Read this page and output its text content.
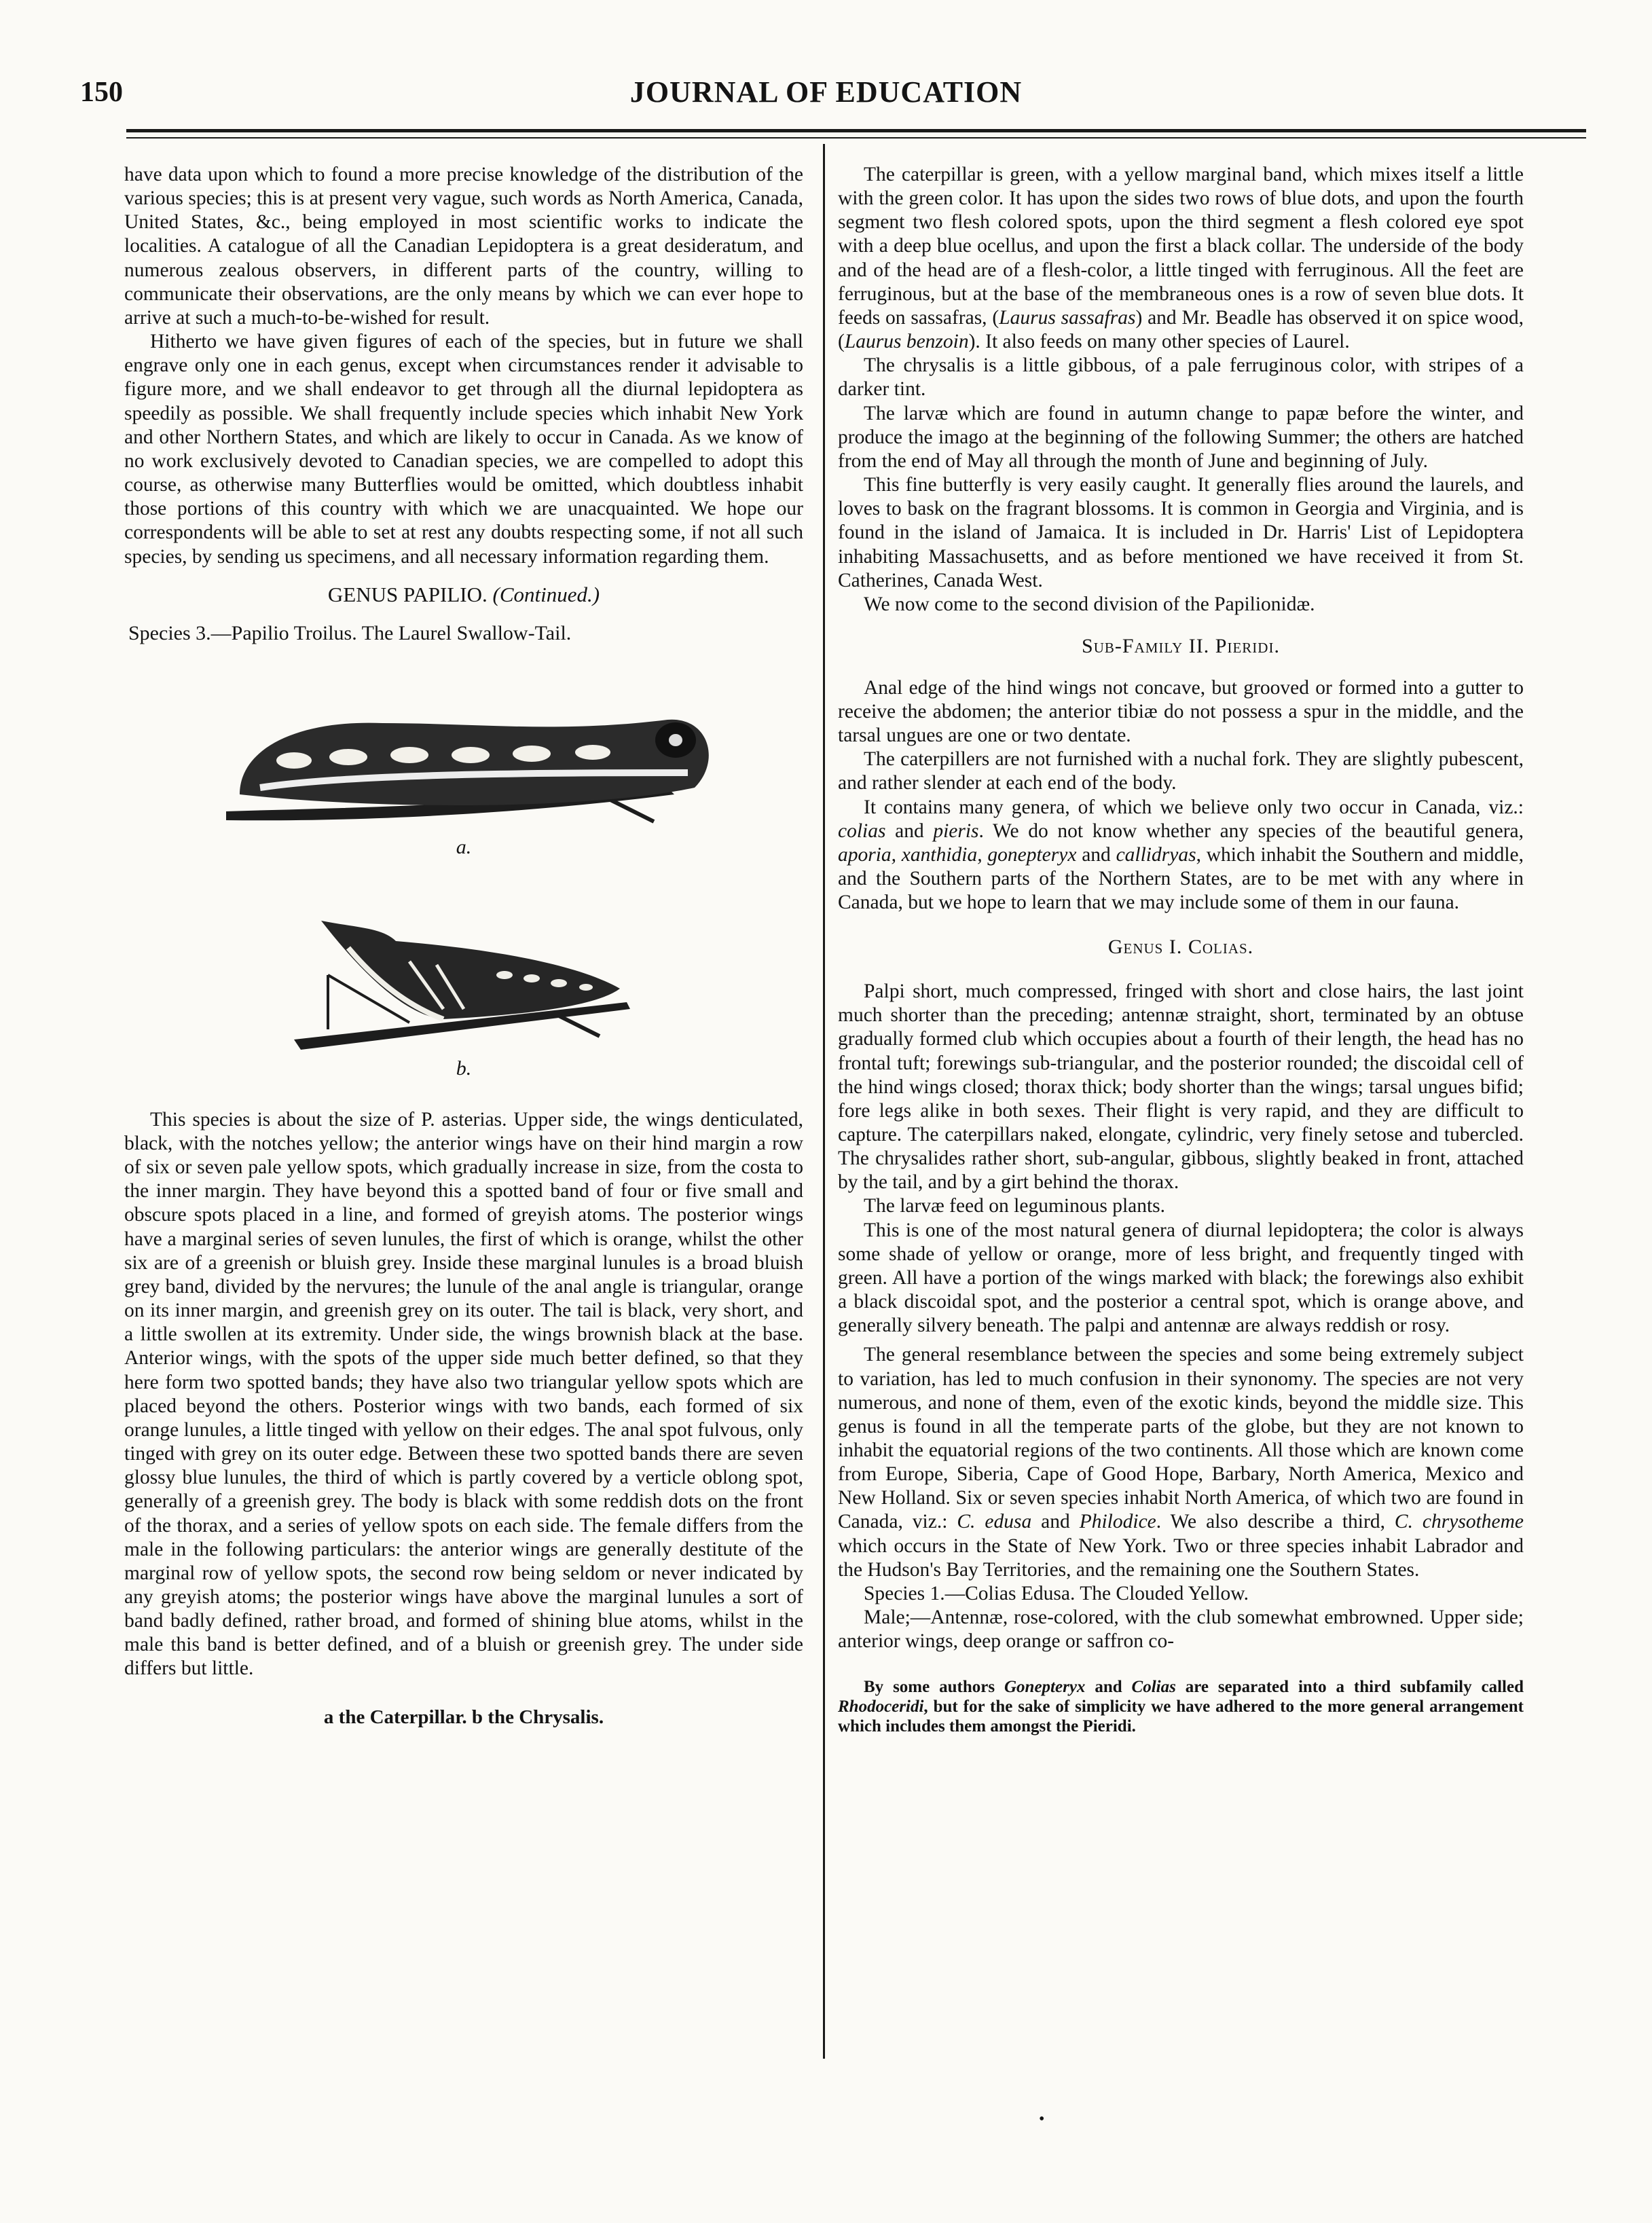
150	JOURNAL OF EDUCATION

have data upon which to found a more precise knowledge of the distribution of the various species; this is at present very vague, such words as North America, Canada, United States, &c., being employed in most scientific works to indicate the localities. A catalogue of all the Canadian Lepidoptera is a great desideratum, and numerous zealous observers, in different parts of the country, willing to communicate their observations, are the only means by which we can ever hope to arrive at such a much-to-be-wished for result.

Hitherto we have given figures of each of the species, but in future we shall engrave only one in each genus, except when circumstances render it advisable to figure more, and we shall endeavor to get through all the diurnal lepidoptera as speedily as possible. We shall frequently include species which inhabit New York and other Northern States, and which are likely to occur in Canada. As we know of no work exclusively devoted to Canadian species, we are compelled to adopt this course, as otherwise many Butterflies would be omitted, which doubtless inhabit those portions of this country with which we are unacquainted. We hope our correspondents will be able to set at rest any doubts respecting some, if not all such species, by sending us specimens, and all necessary information regarding them.

GENUS PAPILIO. (Continued.)

Species 3.—Papilio Troilus. The Laurel Swallow-Tail.

a.
b.

This species is about the size of P. asterias. Upper side, the wings denticulated, black, with the notches yellow; the anterior wings have on their hind margin a row of six or seven pale yellow spots, which gradually increase in size, from the costa to the inner margin. They have beyond this a spotted band of four or five small and obscure spots placed in a line, and formed of greyish atoms. The posterior wings have a marginal series of seven lunules, the first of which is orange, whilst the other six are of a greenish or bluish grey. Inside these marginal lunules is a broad bluish grey band, divided by the nervures; the lunule of the anal angle is triangular, orange on its inner margin, and greenish grey on its outer. The tail is black, very short, and a little swollen at its extremity. Under side, the wings brownish black at the base. Anterior wings, with the spots of the upper side much better defined, so that they here form two spotted bands; they have also two triangular yellow spots which are placed beyond the others. Posterior wings with two bands, each formed of six orange lunules, a little tinged with yellow on their edges. The anal spot fulvous, only tinged with grey on its outer edge. Between these two spotted bands there are seven glossy blue lunules, the third of which is partly covered by a verticle oblong spot, generally of a greenish grey. The body is black with some reddish dots on the front of the thorax, and a series of yellow spots on each side. The female differs from the male in the following particulars: the anterior wings are generally destitute of the marginal row of yellow spots, the second row being seldom or never indicated by any greyish atoms; the posterior wings have above the marginal lunules a sort of band badly defined, rather broad, and formed of shining blue atoms, whilst in the male this band is better defined, and of a bluish or greenish grey. The under side differs but little.

a the Caterpillar. b the Chrysalis.

The caterpillar is green, with a yellow marginal band, which mixes itself a little with the green color. It has upon the sides two rows of blue dots, and upon the fourth segment two flesh colored spots, upon the third segment a flesh colored eye spot with a deep blue ocellus, and upon the first a black collar. The underside of the body and of the head are of a flesh-color, a little tinged with ferruginous. All the feet are ferruginous, but at the base of the membraneous ones is a row of seven blue dots. It feeds on sassafras, (Laurus sassafras) and Mr. Beadle has observed it on spice wood, (Laurus benzoin). It also feeds on many other species of Laurel.

The chrysalis is a little gibbous, of a pale ferruginous color, with stripes of a darker tint.

The larvæ which are found in autumn change to papæ before the winter, and produce the imago at the beginning of the following Summer; the others are hatched from the end of May all through the month of June and beginning of July.

This fine butterfly is very easily caught. It generally flies around the laurels, and loves to bask on the fragrant blossoms. It is common in Georgia and Virginia, and is found in the island of Jamaica. It is included in Dr. Harris' List of Lepidoptera inhabiting Massachusetts, and as before mentioned we have received it from St. Catherines, Canada West.

We now come to the second division of the Papilionidæ.

Sub-Family II. Pieridi.

Anal edge of the hind wings not concave, but grooved or formed into a gutter to receive the abdomen; the anterior tibiæ do not possess a spur in the middle, and the tarsal ungues are one or two dentate.

The caterpillers are not furnished with a nuchal fork. They are slightly pubescent, and rather slender at each end of the body.

It contains many genera, of which we believe only two occur in Canada, viz.: colias and pieris. We do not know whether any species of the beautiful genera, aporia, xanthidia, gonepteryx and callidryas, which inhabit the Southern and middle, and the Southern parts of the Northern States, are to be met with any where in Canada, but we hope to learn that we may include some of them in our fauna.

Genus I. Colias.

Palpi short, much compressed, fringed with short and close hairs, the last joint much shorter than the preceding; antennæ straight, short, terminated by an obtuse gradually formed club which occupies about a fourth of their length, the head has no frontal tuft; forewings sub-triangular, and the posterior rounded; the discoidal cell of the hind wings closed; thorax thick; body shorter than the wings; tarsal ungues bifid; fore legs alike in both sexes. Their flight is very rapid, and they are difficult to capture. The caterpillars naked, elongate, cylindric, very finely setose and tubercled. The chrysalides rather short, sub-angular, gibbous, slightly beaked in front, attached by the tail, and by a girt behind the thorax.

The larvæ feed on leguminous plants.

This is one of the most natural genera of diurnal lepidoptera; the color is always some shade of yellow or orange, more of less bright, and frequently tinged with green. All have a portion of the wings marked with black; the forewings also exhibit a black discoidal spot, and the posterior a central spot, which is orange above, and generally silvery beneath. The palpi and antennæ are always reddish or rosy.

The general resemblance between the species and some being extremely subject to variation, has led to much confusion in their synonomy. The species are not very numerous, and none of them, even of the exotic kinds, beyond the middle size. This genus is found in all the temperate parts of the globe, but they are not known to inhabit the equatorial regions of the two continents. All those which are known come from Europe, Siberia, Cape of Good Hope, Barbary, North America, Mexico and New Holland. Six or seven species inhabit North America, of which two are found in Canada, viz.: C. edusa and Philodice. We also describe a third, C. chrysotheme which occurs in the State of New York. Two or three species inhabit Labrador and the Hudson's Bay Territories, and the remaining one the Southern States.

Species 1.—Colias Edusa. The Clouded Yellow.

Male;—Antennæ, rose-colored, with the club somewhat embrowned. Upper side; anterior wings, deep orange or saffron co-

By some authors Gonepteryx and Colias are separated into a third subfamily called Rhodoceridi, but for the sake of simplicity we have adhered to the more general arrangement which includes them amongst the Pieridi.

•
